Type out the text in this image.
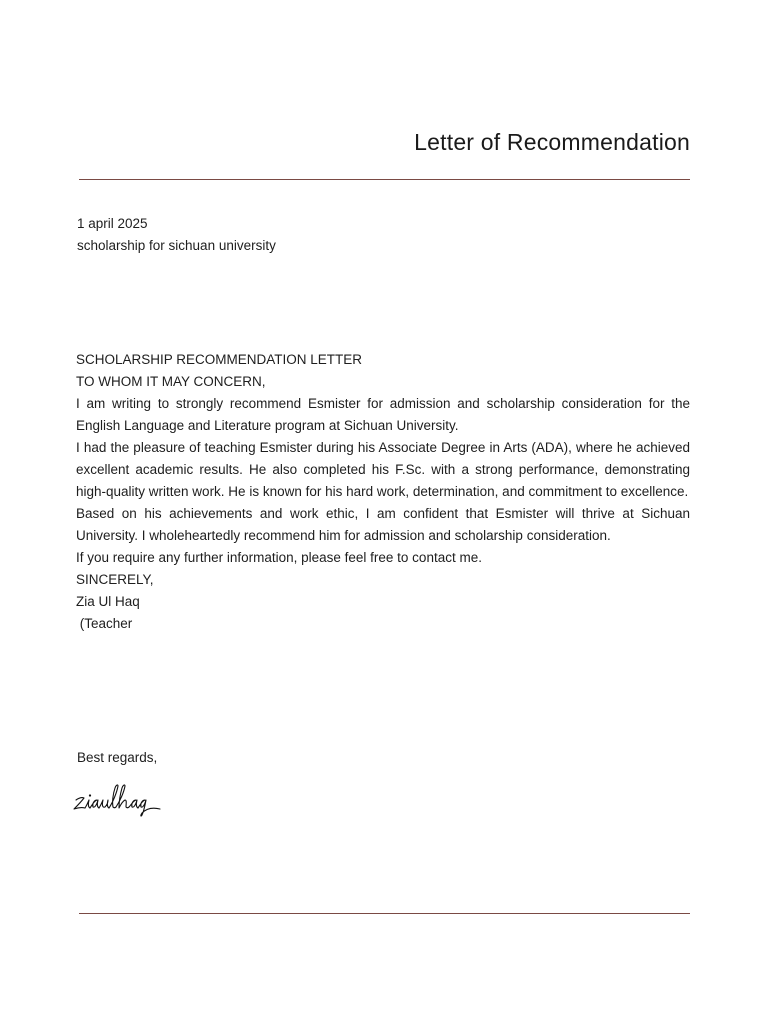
Letter of Recommendation
1 april 2025
scholarship for sichuan university
SCHOLARSHIP RECOMMENDATION LETTER
TO WHOM IT MAY CONCERN,
I am writing to strongly recommend Esmister for admission and scholarship consideration for the English Language and Literature program at Sichuan University.
I had the pleasure of teaching Esmister during his Associate Degree in Arts (ADA), where he achieved excellent academic results. He also completed his F.Sc. with a strong performance, demonstrating high-quality written work. He is known for his hard work, determination, and commitment to excellence.
Based on his achievements and work ethic, I am confident that Esmister will thrive at Sichuan University. I wholeheartedly recommend him for admission and scholarship consideration.
If you require any further information, please feel free to contact me.
SINCERELY,
Zia Ul Haq
(Teacher
Best regards,
